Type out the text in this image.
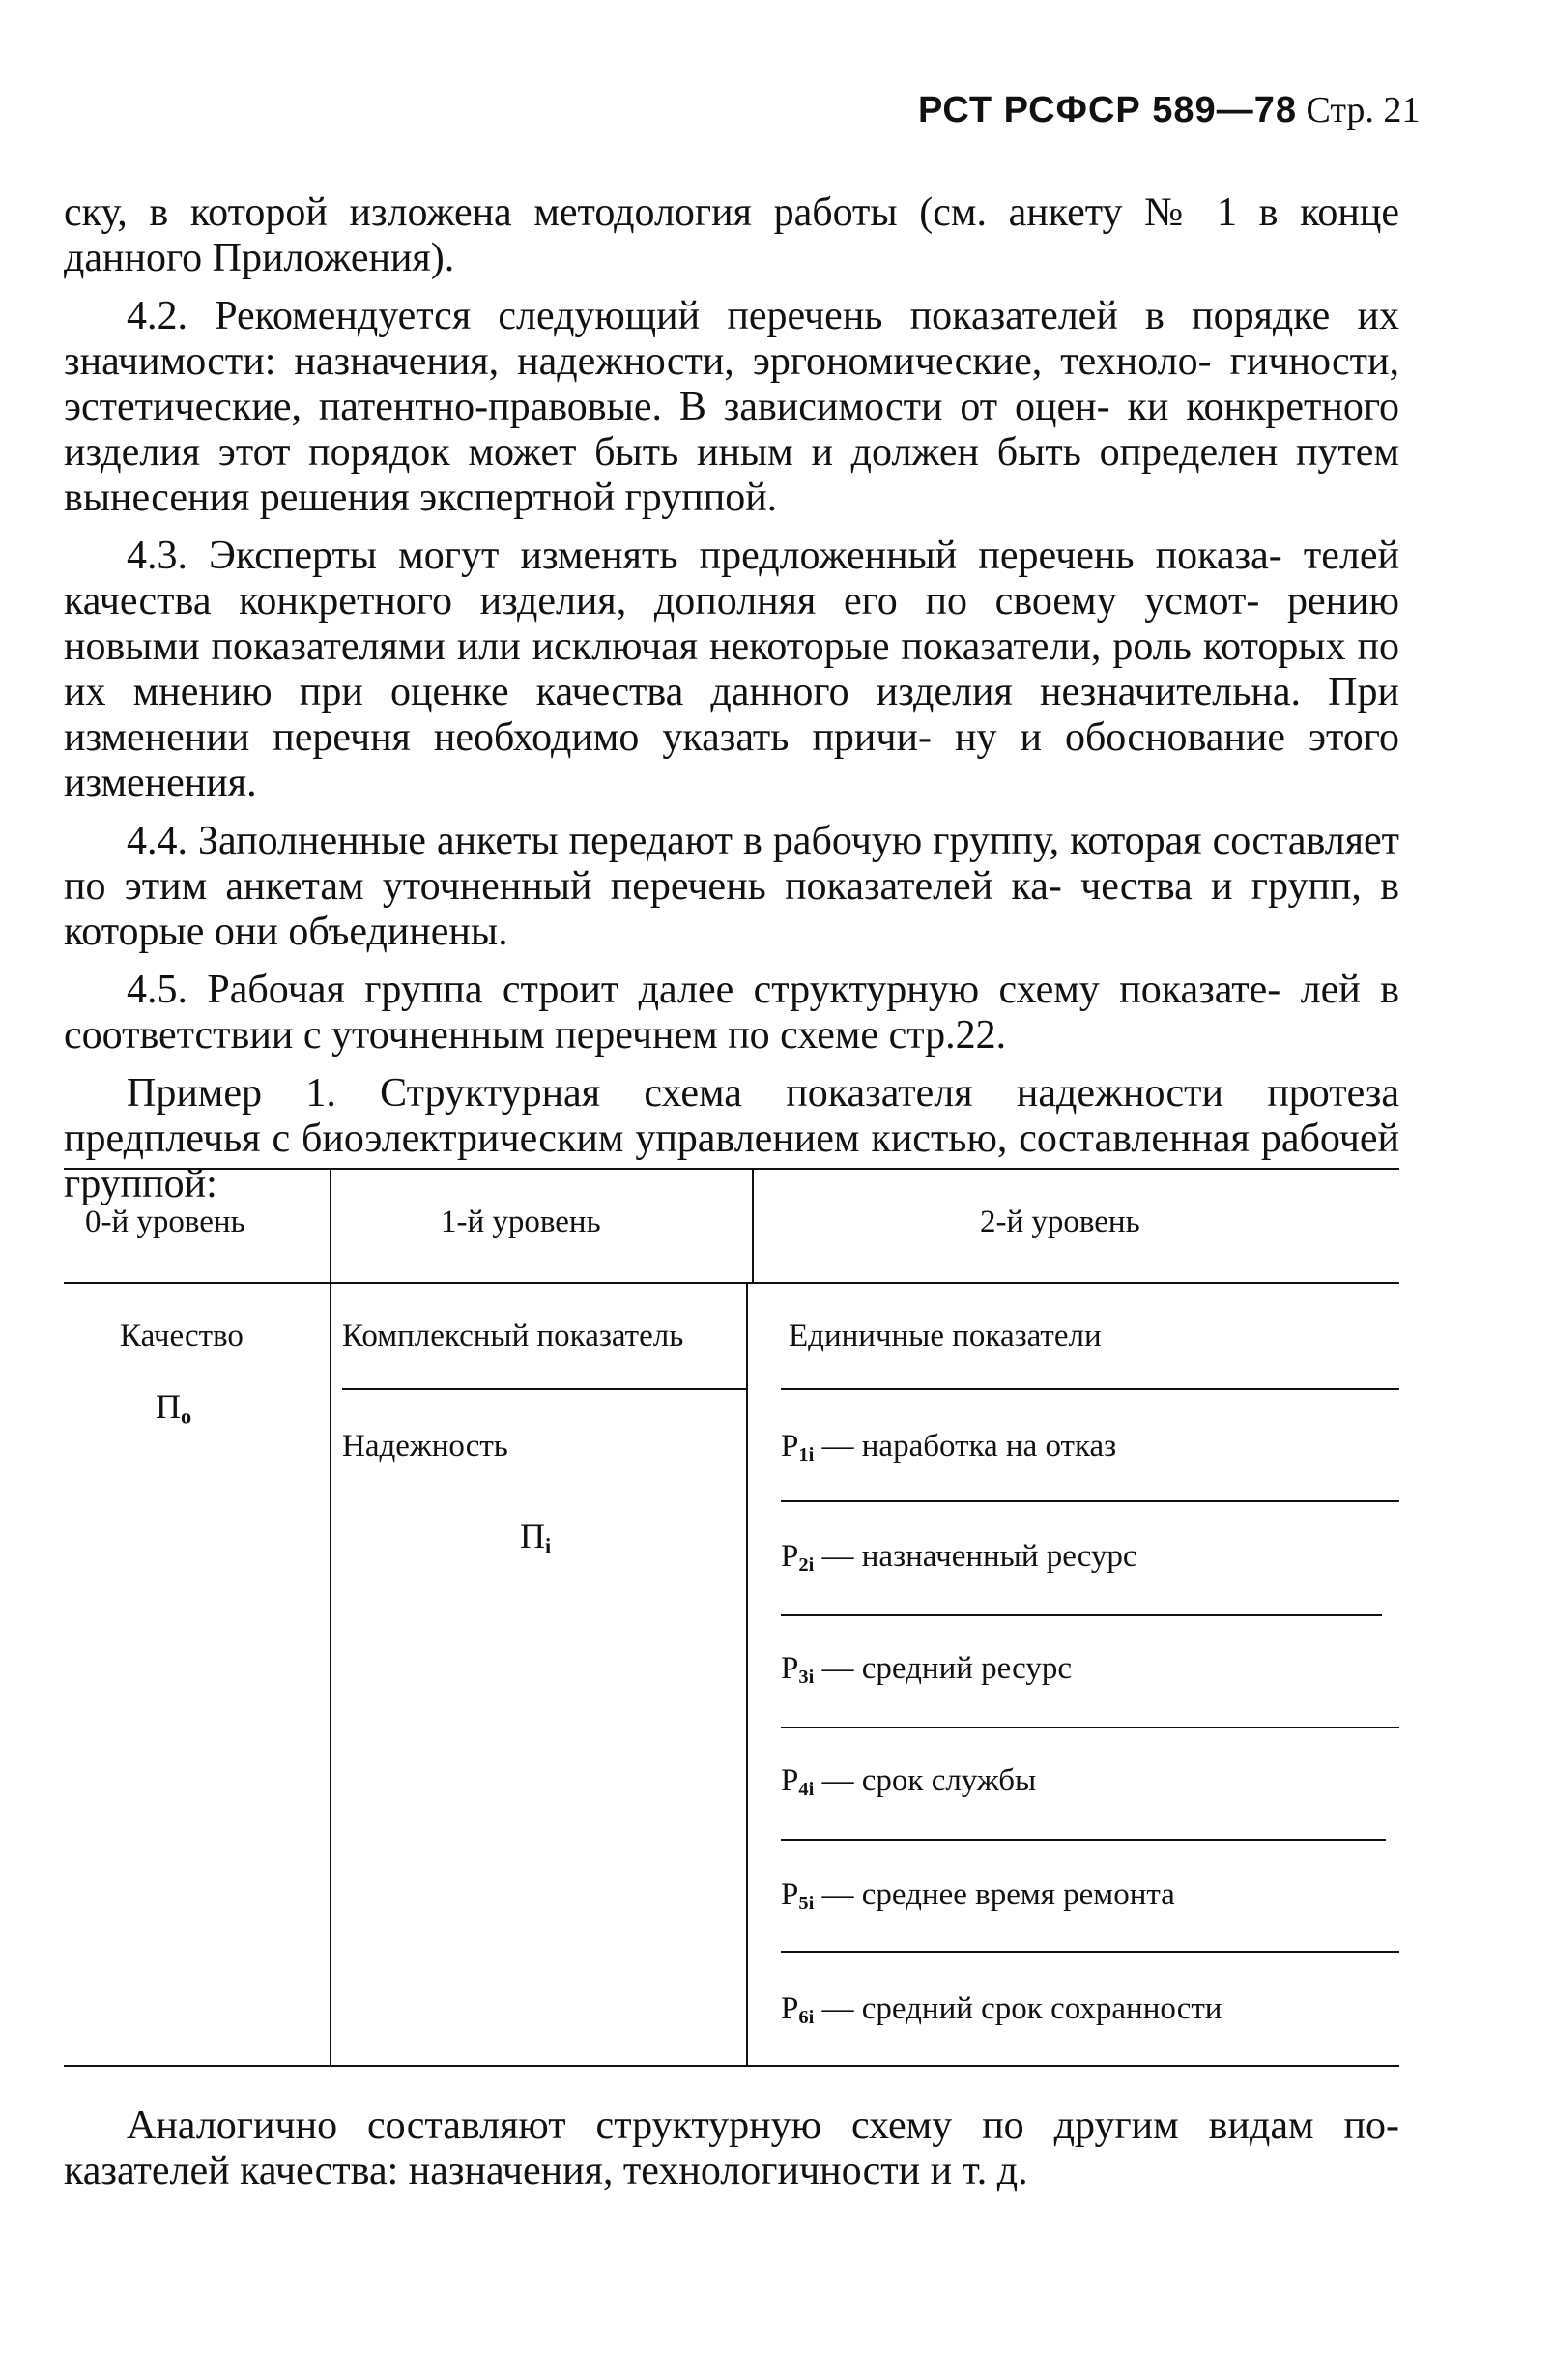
РСТ РСФСР 589—78 Стр. 21

ску, в которой изложена методология работы (см. анкету № 1 в конце данного Приложения).

4.2. Рекомендуется следующий перечень показателей в порядке их значимости: назначения, надежности, эргономические, техноло- гичности, эстетические, патентно-правовые. В зависимости от оцен- ки конкретного изделия этот порядок может быть иным и должен быть определен путем вынесения решения экспертной группой.

4.3. Эксперты могут изменять предложенный перечень показа- телей качества конкретного изделия, дополняя его по своему усмот- рению новыми показателями или исключая некоторые показатели, роль которых по их мнению при оценке качества данного изделия незначительна. При изменении перечня необходимо указать причи- ну и обоснование этого изменения.

4.4. Заполненные анкеты передают в рабочую группу, которая составляет по этим анкетам уточненный перечень показателей ка- чества и групп, в которые они объединены.

4.5. Рабочая группа строит далее структурную схему показате- лей в соответствии с уточненным перечнем по схеме стр.22.

Пример 1. Структурная схема показателя надежности протеза предплечья с биоэлектрическим управлением кистью, составленная рабочей группой:

0-й уровень	1-й уровень	2-й уровень
Качество
$П_o$
Комплексный показатель
Надежность
$П_i$
Единичные показатели
$P_{1i}$ — наработка на отказ
$P_{2i}$ — назначенный ресурс
$P_{3i}$ — средний ресурс
$P_{4i}$ — срок службы
$P_{5i}$ — среднее время ремонта
$P_{6i}$ — средний срок сохранности

Аналогично составляют структурную схему по другим видам по- казателей качества: назначения, технологичности и т. д.
